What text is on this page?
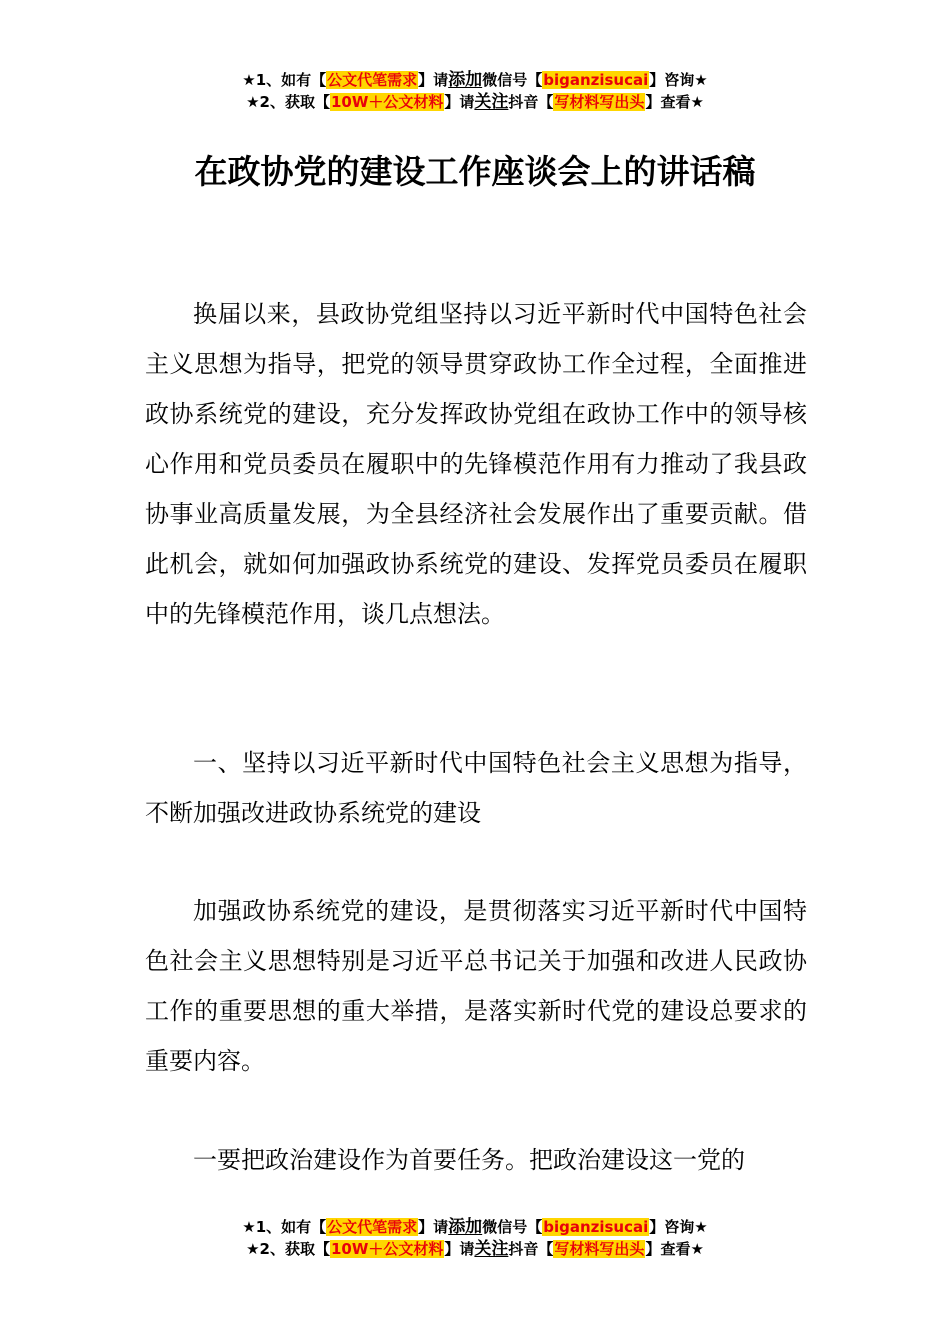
★1、如有【公文代笔需求】请添加微信号【biganzisucai】咨询★
★2、获取【10W＋公文材料】请关注抖音【写材料写出头】查看★
在政协党的建设工作座谈会上的讲话稿

换届以来，县政协党组坚持以习近平新时代中国特色社会主义思想为指导，把党的领导贯穿政协工作全过程，全面推进政协系统党的建设，充分发挥政协党组在政协工作中的领导核心作用和党员委员在履职中的先锋模范作用有力推动了我县政协事业高质量发展，为全县经济社会发展作出了重要贡献。借此机会，就如何加强政协系统党的建设、发挥党员委员在履职中的先锋模范作用，谈几点想法。

一、坚持以习近平新时代中国特色社会主义思想为指导，不断加强改进政协系统党的建设

加强政协系统党的建设，是贯彻落实习近平新时代中国特色社会主义思想特别是习近平总书记关于加强和改进人民政协工作的重要思想的重大举措，是落实新时代党的建设总要求的重要内容。

一要把政治建设作为首要任务。把政治建设这一党的

★1、如有【公文代笔需求】请添加微信号【biganzisucai】咨询★
★2、获取【10W＋公文材料】请关注抖音【写材料写出头】查看★
